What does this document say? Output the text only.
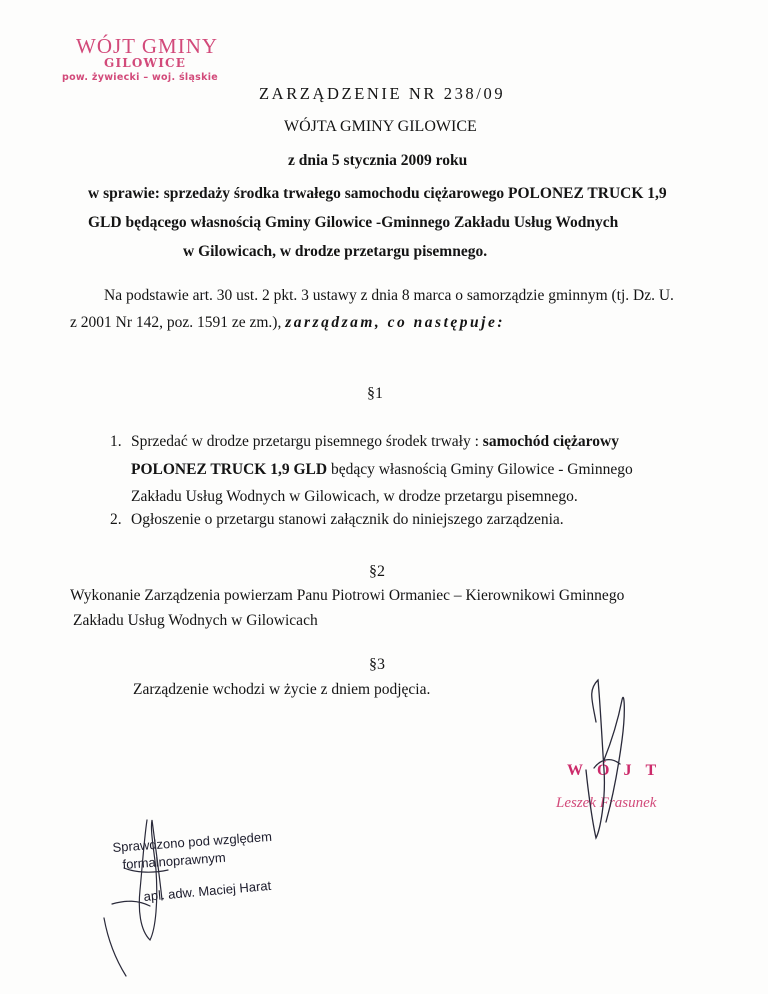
WÓJT GMINY
GILOWICE
pow. żywiecki – woj. śląskie
ZARZĄDZENIE NR 238/09
WÓJTA GMINY GILOWICE
z dnia 5 stycznia 2009 roku
w sprawie: sprzedaży środka trwałego samochodu ciężarowego POLONEZ TRUCK 1,9
GLD będącego własnością Gminy Gilowice -Gminnego Zakładu Usług Wodnych
w Gilowicach, w drodze przetargu pisemnego.
Na podstawie art. 30 ust. 2 pkt. 3 ustawy z dnia 8 marca o samorządzie gminnym (tj. Dz. U.
z 2001 Nr 142, poz. 1591 ze zm.), zarządzam, co następuje:
§1
1. Sprzedać w drodze przetargu pisemnego środek trwały : samochód ciężarowy
POLONEZ TRUCK 1,9 GLD będący własnością Gminy Gilowice - Gminnego
Zakładu Usług Wodnych w Gilowicach, w drodze przetargu pisemnego.
2. Ogłoszenie o przetargu stanowi załącznik do niniejszego zarządzenia.
§2
Wykonanie Zarządzenia powierzam Panu Piotrowi Ormaniec – Kierownikowi Gminnego
Zakładu Usług Wodnych w Gilowicach
§3
Zarządzenie wchodzi w życie z dniem podjęcia.
WÓJT
Leszek Frasunek
Sprawdzono pod względem
formalnoprawnym
apl. adw. Maciej Harat
